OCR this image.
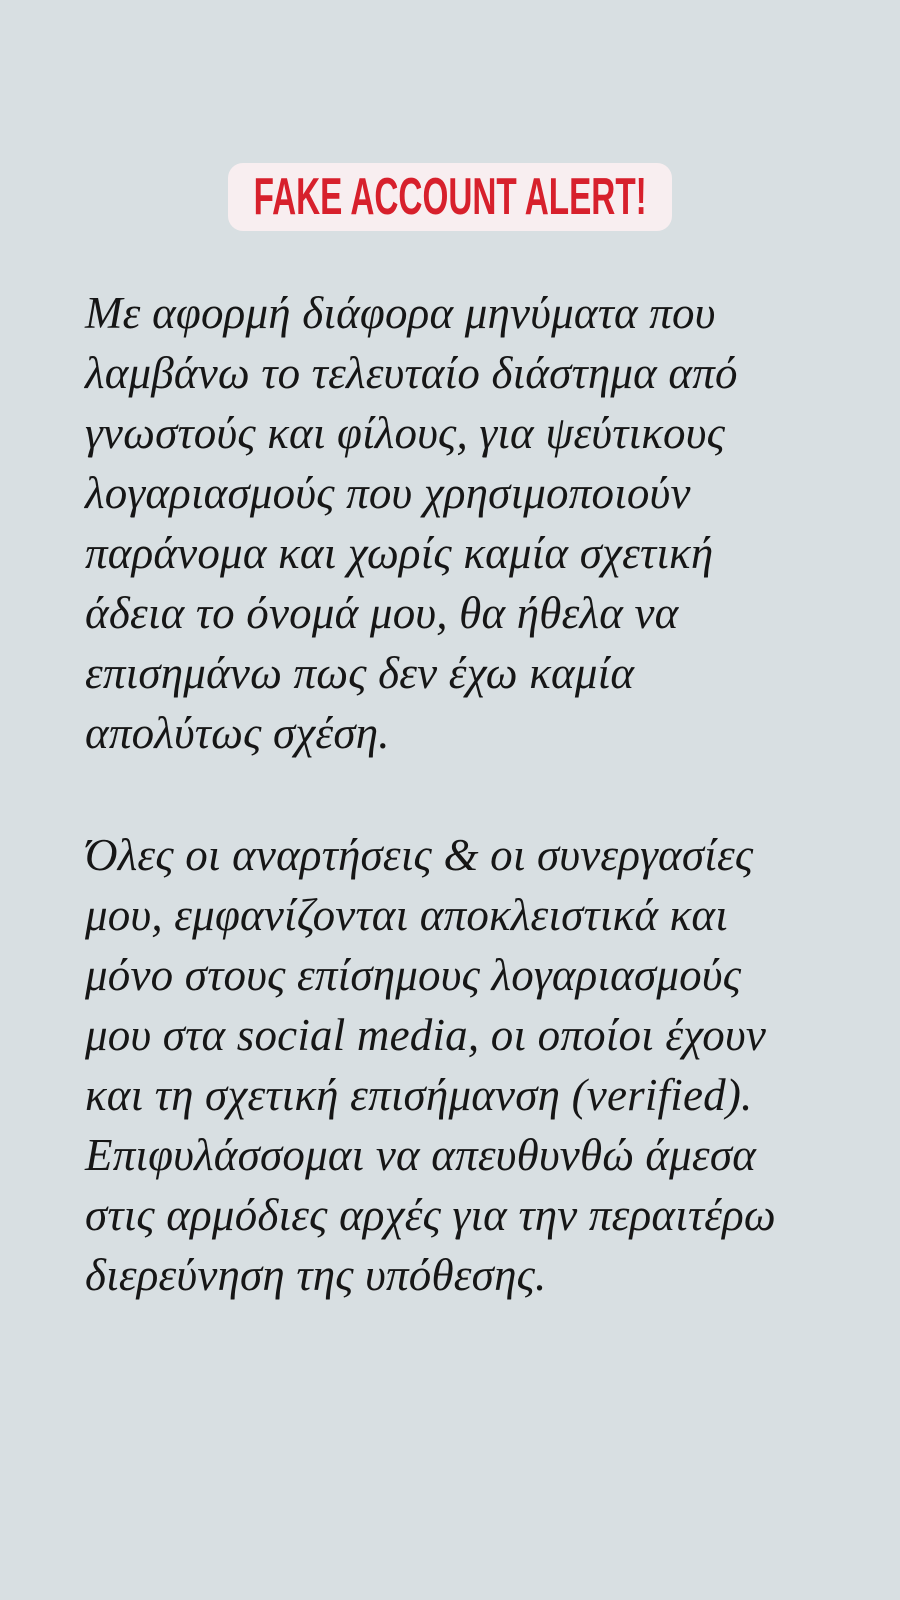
FAKE ACCOUNT ALERT!
Με αφορμή διάφορα μηνύματα που
λαμβάνω το τελευταίο διάστημα από
γνωστούς και φίλους, για ψεύτικους
λογαριασμούς που χρησιμοποιούν
παράνομα και χωρίς καμία σχετική
άδεια το όνομά μου, θα ήθελα να
επισημάνω πως δεν έχω καμία
απολύτως σχέση.
Όλες οι αναρτήσεις & οι συνεργασίες
μου, εμφανίζονται αποκλειστικά και
μόνο στους επίσημους λογαριασμούς
μου στα social media, οι οποίοι έχουν
και τη σχετική επισήμανση (verified).
Επιφυλάσσομαι να απευθυνθώ άμεσα
στις αρμόδιες αρχές για την περαιτέρω
διερεύνηση της υπόθεσης.
